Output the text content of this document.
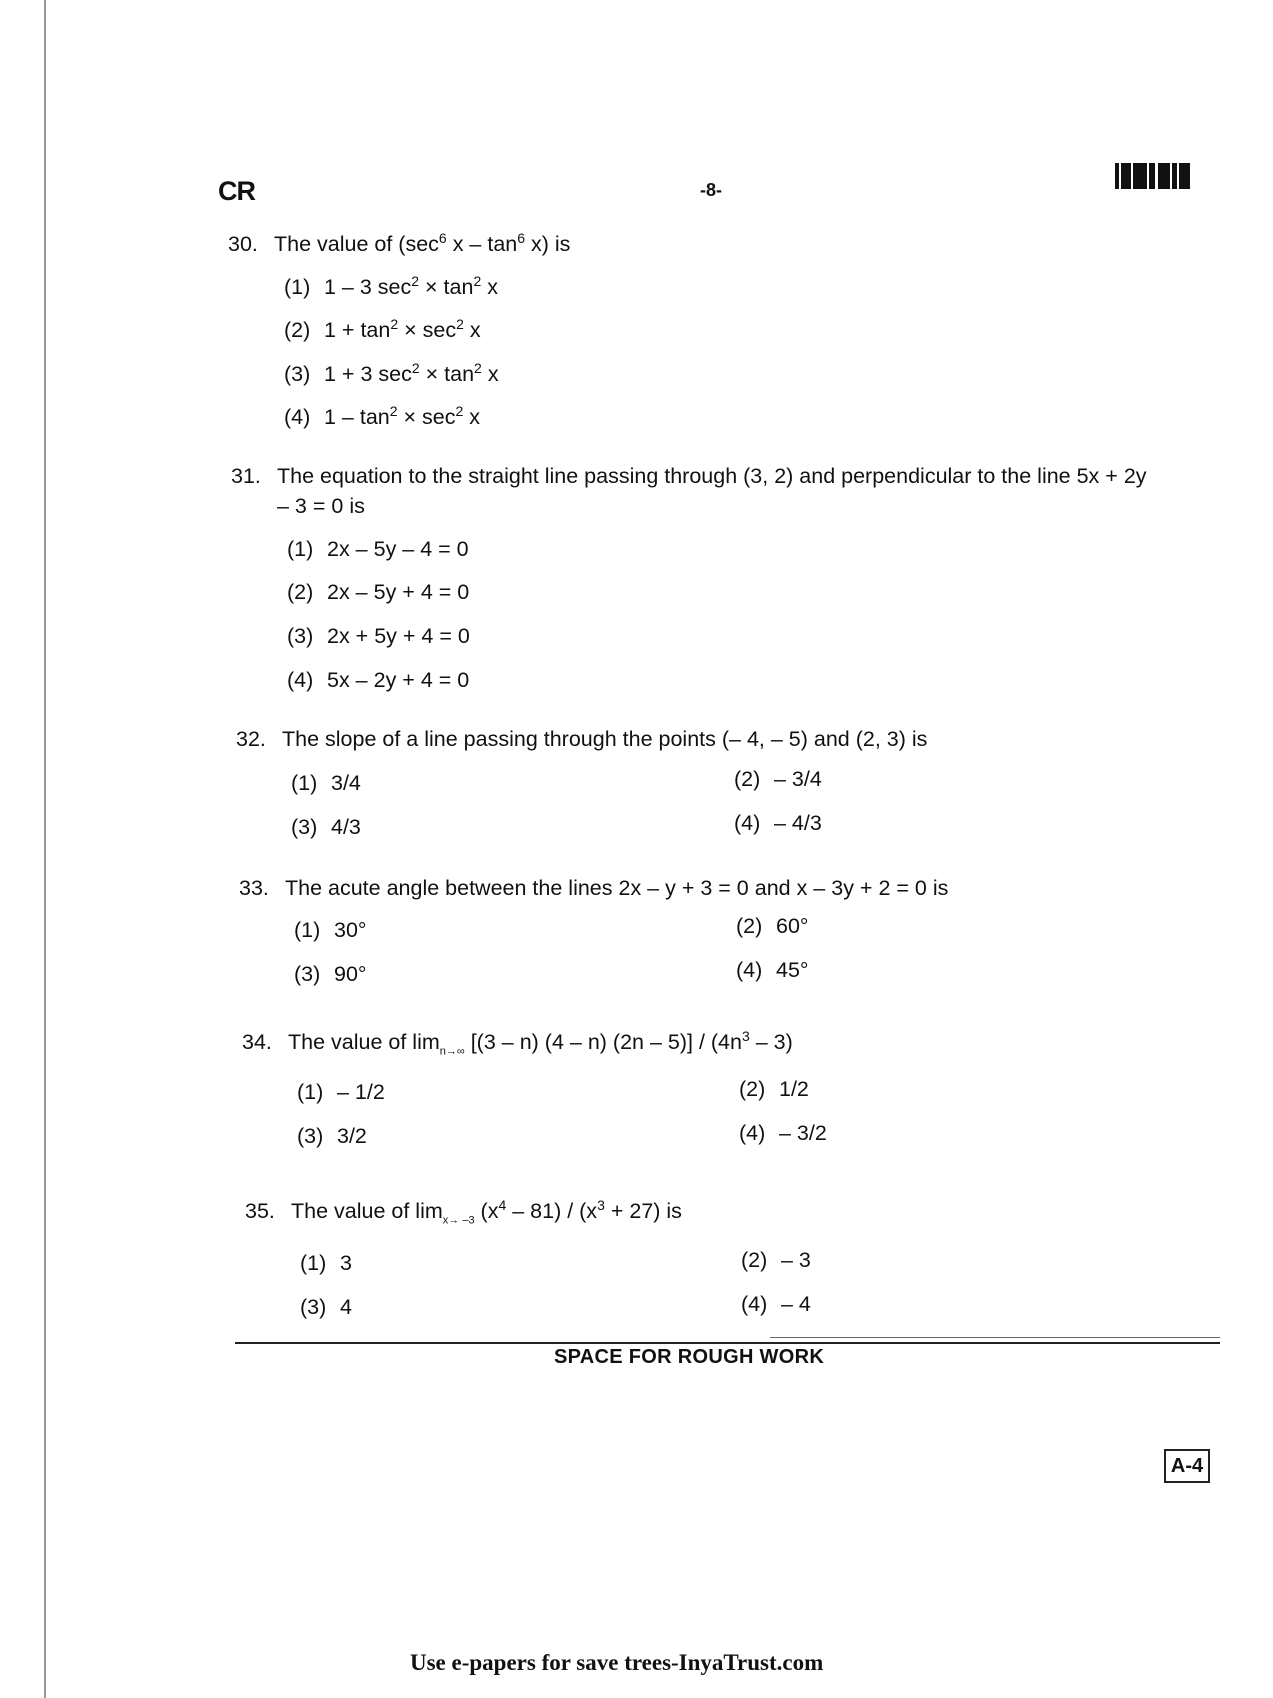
CR	-8-
30. The value of ($\sec^6$ x – $\tan^6 x$) is
(1) 1 – 3 $\sec^2 \times \tan^2 x$
(2) $1 + \tan^2 \times \sec^2 x$
(3) 1 + 3 $\sec^2 \times \tan^2 x$
(4) $1 - \tan^2 \times \sec^2 x$
31. The equation to the straight line passing through (3, 2) and perpendicular to the line 5x + 2y – 3 = 0 is
(1) 2x – 5y – 4 = 0
(2) 2x – 5y + 4 = 0
(3) 2x + 5y + 4 = 0
(4) 5x – 2y + 4 = 0
32. The slope of a line passing through the points (– 4, – 5) and (2, 3) is
(1) 3/4	(2) – 3/4
(3) 4/3	(4) – 4/3
33. The acute angle between the lines 2x – y + 3 = 0 and x – 3y + 2 = 0 is
(1) 30°	(2) 60°
(3) 90°	(4) 45°
34. The value of $\lim_{n\to\infty} [(3 - n)$ (4 – n) $(2n - 5)] / (4n^3 - 3)$
(1) – 1/2	(2) 1/2
(3) 3/2	(4) – 3/2
35. The value of $\lim_{x\to -3} (x^4 - 81) / (x^3 + 27)$ is
(1) 3	(2) – 3
(3) 4	(4) – 4
SPACE FOR ROUGH WORK
A-4
Use e-papers for save trees-InyaTrust.com
